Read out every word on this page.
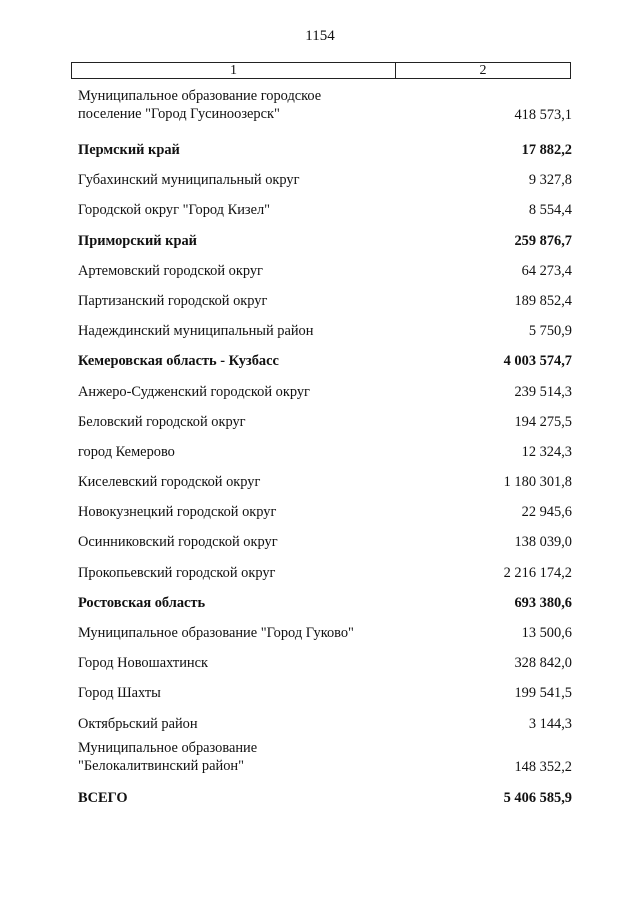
1154
1	2
Муниципальное образование городское поселение "Город Гусиноозерск"	418 573,1
Пермский край	17 882,2
Губахинский муниципальный округ	9 327,8
Городской округ "Город Кизел"	8 554,4
Приморский край	259 876,7
Артемовский городской округ	64 273,4
Партизанский городской округ	189 852,4
Надеждинский муниципальный район	5 750,9
Кемеровская область - Кузбасс	4 003 574,7
Анжеро-Судженский городской округ	239 514,3
Беловский городской округ	194 275,5
город Кемерово	12 324,3
Киселевский городской округ	1 180 301,8
Новокузнецкий городской округ	22 945,6
Осинниковский городской округ	138 039,0
Прокопьевский городской округ	2 216 174,2
Ростовская область	693 380,6
Муниципальное образование "Город Гуково"	13 500,6
Город Новошахтинск	328 842,0
Город Шахты	199 541,5
Октябрьский район	3 144,3
Муниципальное образование "Белокалитвинский район"	148 352,2
ВСЕГО	5 406 585,9
